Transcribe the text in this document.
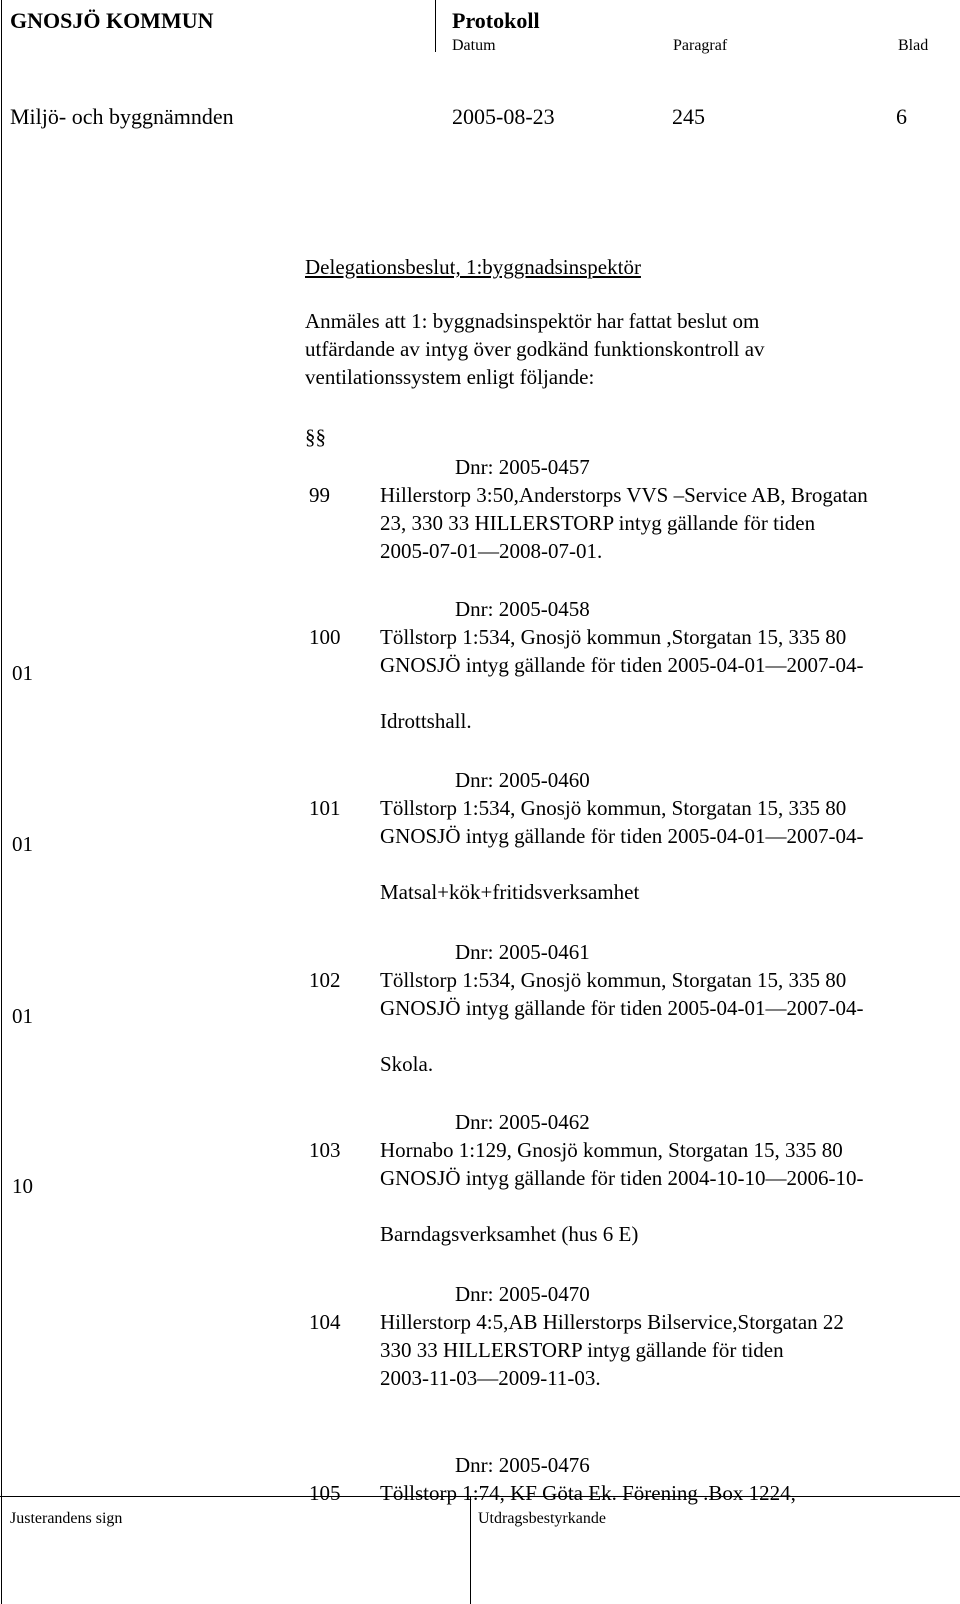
GNOSJÖ KOMMUN	Protokoll
Datum	Paragraf	Blad
Miljö- och byggnämnden	2005-08-23	245	6
Delegationsbeslut, 1:byggnadsinspektör
Anmäles att 1: byggnadsinspektör har fattat beslut om
utfärdande av intyg över godkänd funktionskontroll av
ventilationssystem enligt följande:
§§
Dnr: 2005-0457
99 Hillerstorp 3:50,Anderstorps VVS –Service AB, Brogatan
23, 330 33 HILLERSTORP intyg gällande för tiden
2005-07-01—2008-07-01.
Dnr: 2005-0458
100 Töllstorp 1:534, Gnosjö kommun ,Storgatan 15, 335 80
GNOSJÖ intyg gällande för tiden 2005-04-01—2007-04-
Idrottshall.
01
Dnr: 2005-0460
101 Töllstorp 1:534, Gnosjö kommun, Storgatan 15, 335 80
GNOSJÖ intyg gällande för tiden 2005-04-01—2007-04-
Matsal+kök+fritidsverksamhet
01
Dnr: 2005-0461
102 Töllstorp 1:534, Gnosjö kommun, Storgatan 15, 335 80
GNOSJÖ intyg gällande för tiden 2005-04-01—2007-04-
Skola.
01
Dnr: 2005-0462
103 Hornabo 1:129, Gnosjö kommun, Storgatan 15, 335 80
GNOSJÖ intyg gällande för tiden 2004-10-10—2006-10-
Barndagsverksamhet (hus 6 E)
10
Dnr: 2005-0470
104 Hillerstorp 4:5,AB Hillerstorps Bilservice,Storgatan 22
330 33 HILLERSTORP intyg gällande för tiden
2003-11-03—2009-11-03.
Dnr: 2005-0476
105 Töllstorp 1:74, KF Göta Ek. Förening .Box 1224,
Justerandens sign	Utdragsbestyrkande
